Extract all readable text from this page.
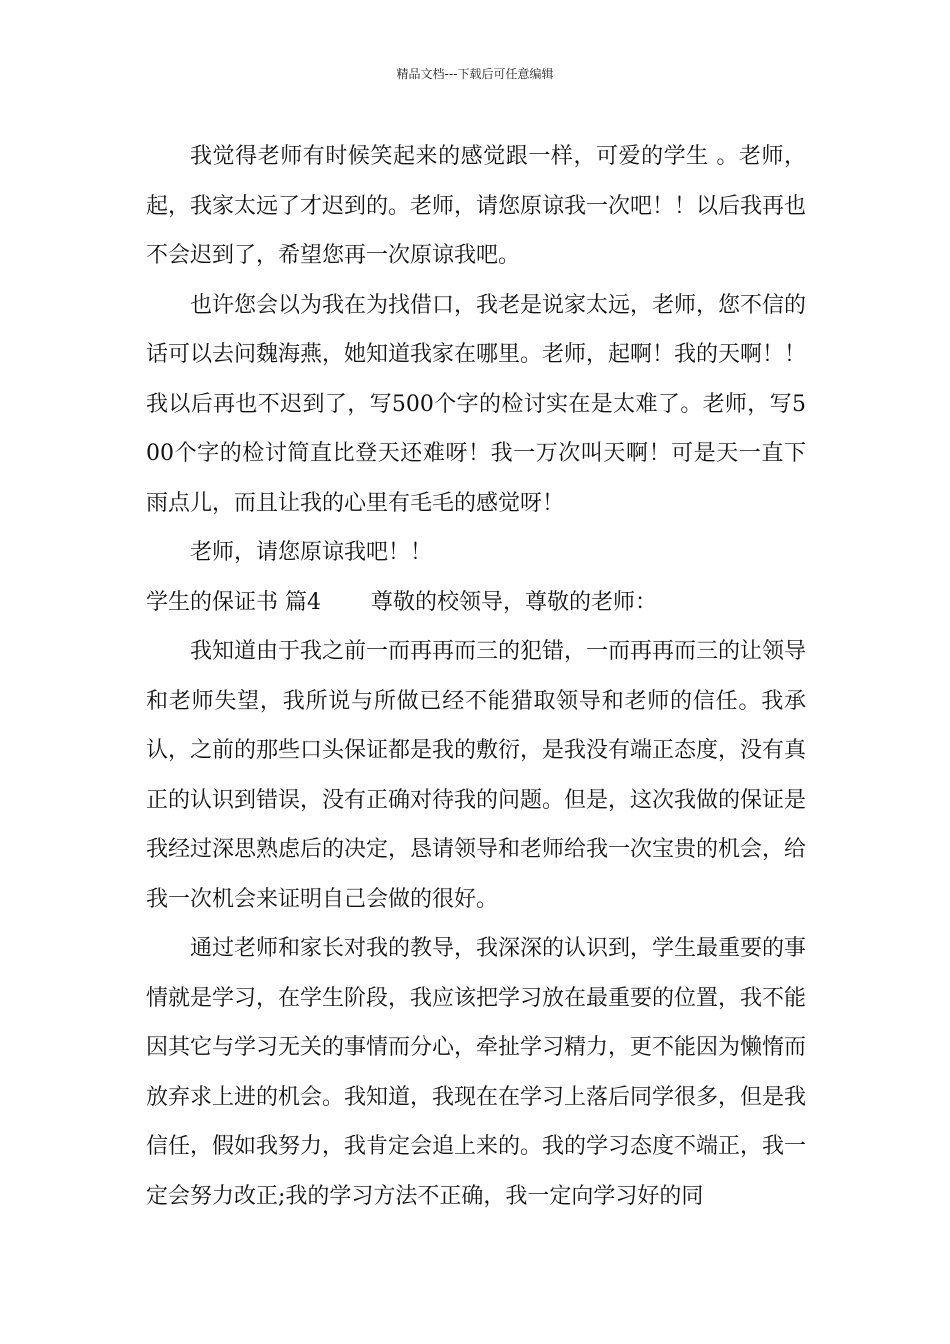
精品文档---下载后可任意编辑

我觉得老师有时候笑起来的感觉跟一样，可爱的学生 。老师，起，我家太远了才迟到的。老师，请您原谅我一次吧！！以后我再也不会迟到了，希望您再一次原谅我吧。

也许您会以为我在为找借口，我老是说家太远，老师，您不信的话可以去问魏海燕，她知道我家在哪里。老师，起啊！我的天啊！！我以后再也不迟到了，写500个字的检讨实在是太难了。老师，写500个字的检讨简直比登天还难呀！我一万次叫天啊！可是天一直下雨点儿，而且让我的心里有毛毛的感觉呀！

老师，请您原谅我吧！！

学生的保证书 篇4 尊敬的校领导，尊敬的老师：

我知道由于我之前一而再再而三的犯错，一而再再而三的让领导和老师失望，我所说与所做已经不能猎取领导和老师的信任。我承认，之前的那些口头保证都是我的敷衍，是我没有端正态度，没有真正的认识到错误，没有正确对待我的问题。但是，这次我做的保证是我经过深思熟虑后的决定，恳请领导和老师给我一次宝贵的机会，给我一次机会来证明自己会做的很好。

通过老师和家长对我的教导，我深深的认识到，学生最重要的事情就是学习，在学生阶段，我应该把学习放在最重要的位置，我不能因其它与学习无关的事情而分心，牵扯学习精力，更不能因为懒惰而放弃求上进的机会。我知道，我现在在学习上落后同学很多，但是我信任，假如我努力，我肯定会追上来的。我的学习态度不端正，我一定会努力改正;我的学习方法不正确，我一定向学习好的同
